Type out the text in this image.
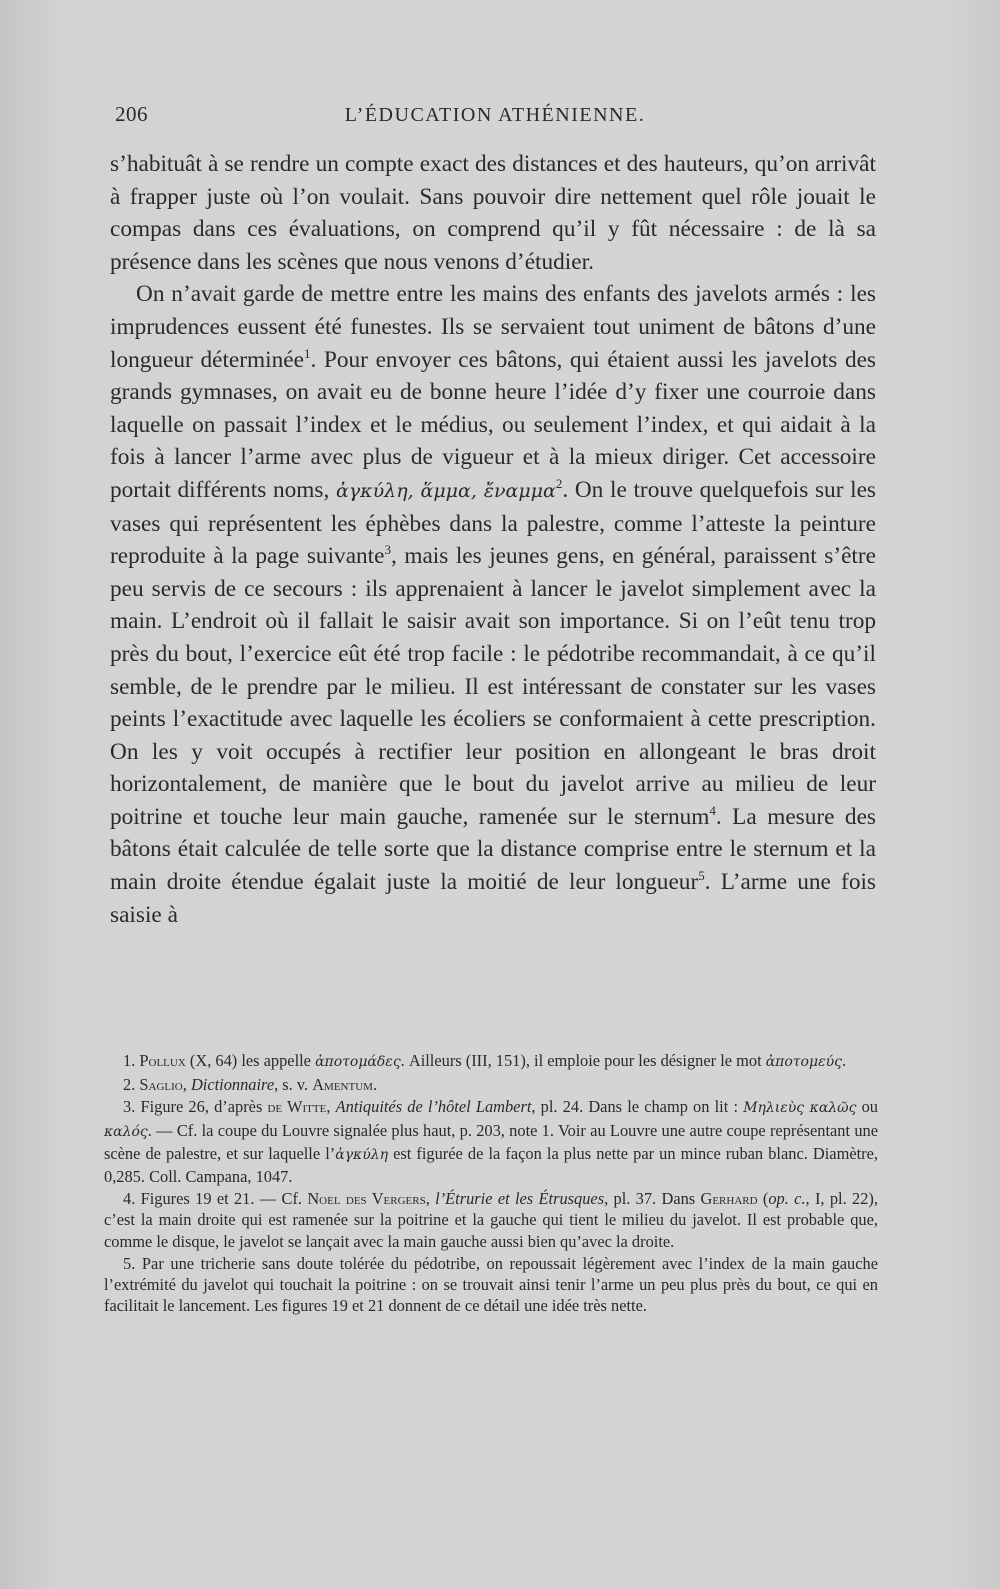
206	L’ÉDUCATION ATHÉNIENNE.

s’habituât à se rendre un compte exact des distances et des hauteurs, qu’on arrivât à frapper juste où l’on voulait. Sans pouvoir dire nettement quel rôle jouait le compas dans ces évaluations, on comprend qu’il y fût nécessaire : de là sa présence dans les scènes que nous venons d’étudier.

On n’avait garde de mettre entre les mains des enfants des javelots armés : les imprudences eussent été funestes. Ils se servaient tout uniment de bâtons d’une longueur déterminée$^1$. Pour envoyer ces bâtons, qui étaient aussi les javelots des grands gymnases, on avait eu de bonne heure l’idée d’y fixer une courroie dans laquelle on passait l’index et le médius, ou seulement l’index, et qui aidait à la fois à lancer l’arme avec plus de vigueur et à la mieux diriger. Cet accessoire portait différents noms, ἀγκύλη, ἅμμα, ἔναμμα$^2$. On le trouve quelquefois sur les vases qui représentent les éphèbes dans la palestre, comme l’atteste la peinture reproduite à la page suivante$^3$, mais les jeunes gens, en général, paraissent s’être peu servis de ce secours : ils apprenaient à lancer le javelot simplement avec la main. L’endroit où il fallait le saisir avait son importance. Si on l’eût tenu trop près du bout, l’exercice eût été trop facile : le pédotribe recommandait, à ce qu’il semble, de le prendre par le milieu. Il est intéressant de constater sur les vases peints l’exactitude avec laquelle les écoliers se conformaient à cette prescription. On les y voit occupés à rectifier leur position en allongeant le bras droit horizontalement, de manière que le bout du javelot arrive au milieu de leur poitrine et touche leur main gauche, ramenée sur le sternum$^4$. La mesure des bâtons était calculée de telle sorte que la distance comprise entre le sternum et la main droite étendue égalait juste la moitié de leur longueur$^5$. L’arme une fois saisie à

1. Pollux (X, 64) les appelle ἀποτομάδες. Ailleurs (III, 151), il emploie pour les désigner le mot ἀποτομεύς.

2. Saglio, Dictionnaire, s. v. Amentum.

3. Figure 26, d’après de Witte, Antiquités de l’hôtel Lambert, pl. 24. Dans le champ on lit : Μηλιεὺς καλῶς ou καλός. — Cf. la coupe du Louvre signalée plus haut, p. 203, note 1. Voir au Louvre une autre coupe représentant une scène de palestre, et sur laquelle l’ἀγκύλη est figurée de la façon la plus nette par un mince ruban blanc. Diamètre, 0,285. Coll. Campana, 1047.

4. Figures 19 et 21. — Cf. Noel des Vergers, l’Étrurie et les Étrusques, pl. 37. Dans Gerhard (op. c., I, pl. 22), c’est la main droite qui est ramenée sur la poitrine et la gauche qui tient le milieu du javelot. Il est probable que, comme le disque, le javelot se lançait avec la main gauche aussi bien qu’avec la droite.

5. Par une tricherie sans doute tolérée du pédotribe, on repoussait légèrement avec l’index de la main gauche l’extrémité du javelot qui touchait la poitrine : on se trouvait ainsi tenir l’arme un peu plus près du bout, ce qui en facilitait le lancement. Les figures 19 et 21 donnent de ce détail une idée très nette.
